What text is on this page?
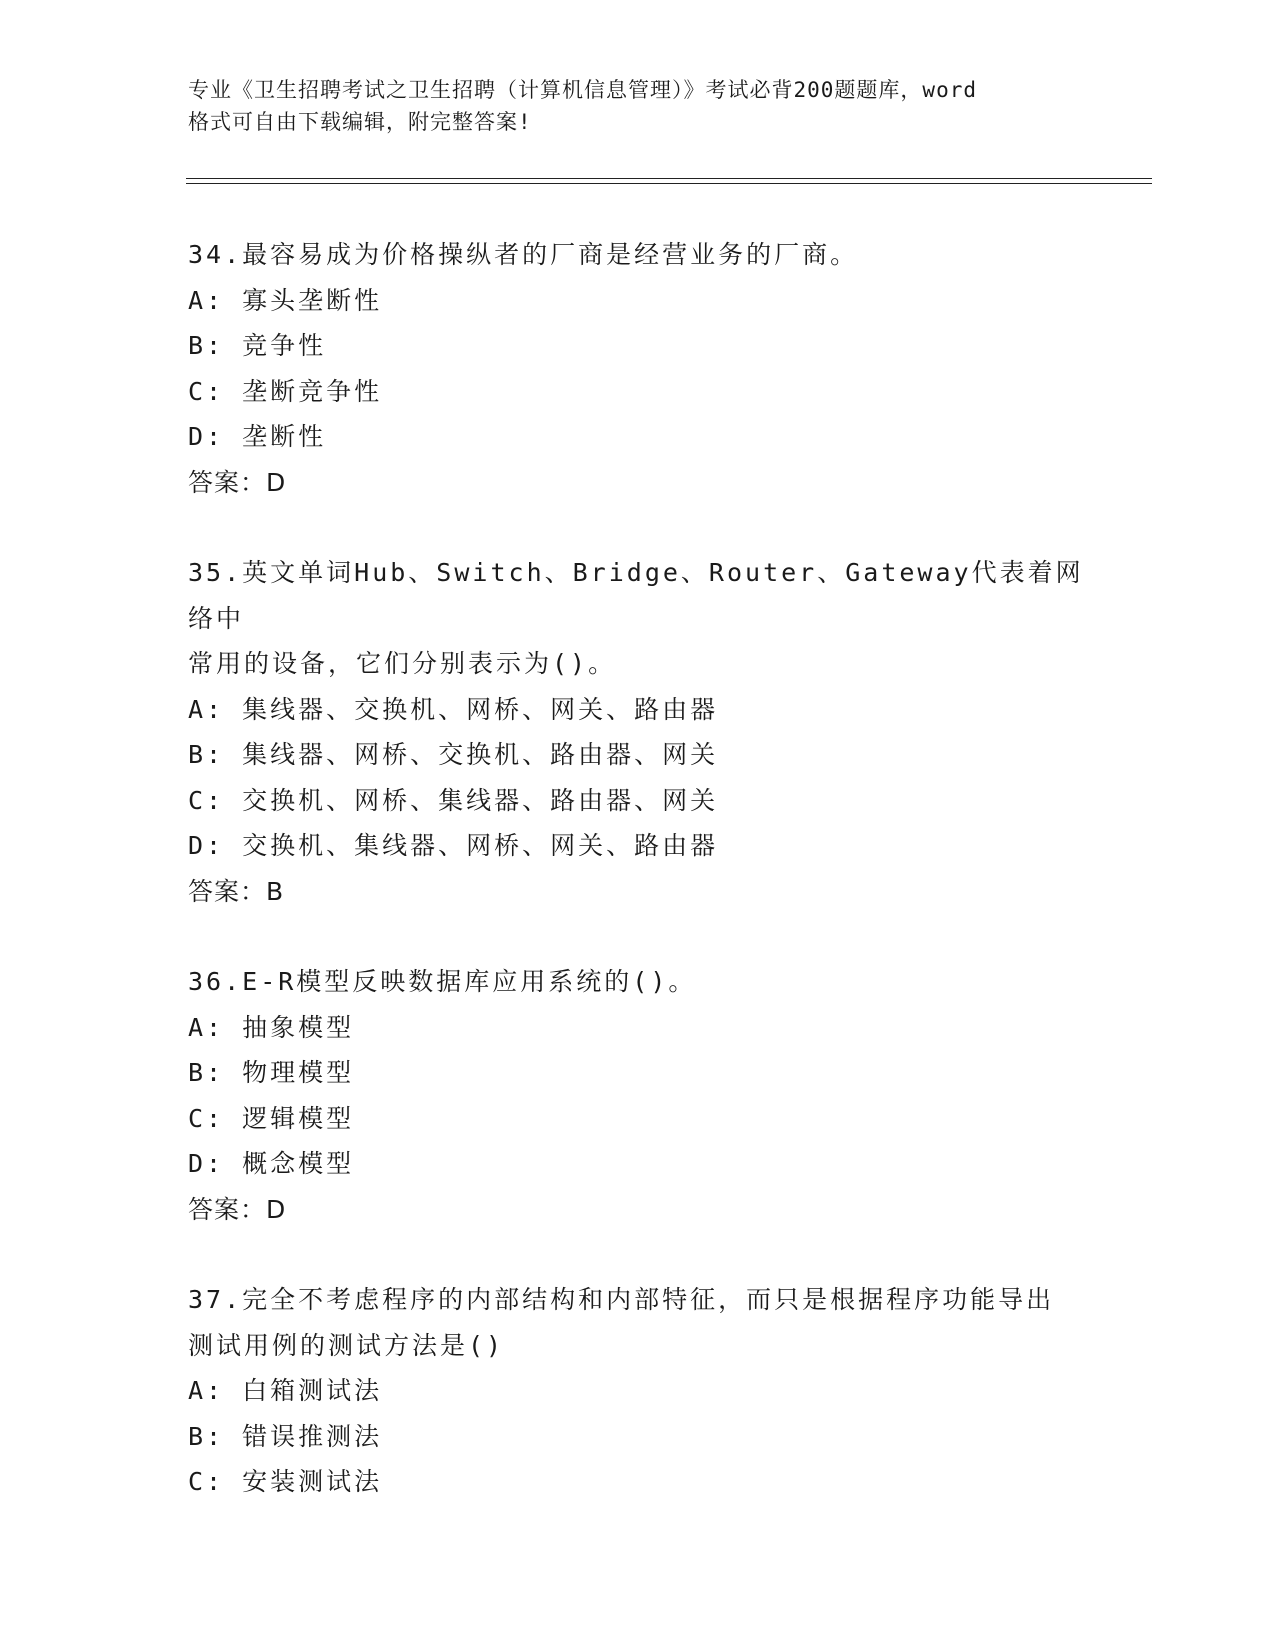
专业《卫生招聘考试之卫生招聘（计算机信息管理）》考试必背200题题库，word
格式可自由下载编辑，附完整答案!
34.最容易成为价格操纵者的厂商是经营业务的厂商。
A: 寡头垄断性
B: 竞争性
C: 垄断竞争性
D: 垄断性
答案：D
35.英文单词Hub、Switch、Bridge、Router、Gateway代表着网络中
常用的设备，它们分别表示为()。
A: 集线器、交换机、网桥、网关、路由器
B: 集线器、网桥、交换机、路由器、网关
C: 交换机、网桥、集线器、路由器、网关
D: 交换机、集线器、网桥、网关、路由器
答案：B
36.E-R模型反映数据库应用系统的()。
A: 抽象模型
B: 物理模型
C: 逻辑模型
D: 概念模型
答案：D
37.完全不考虑程序的内部结构和内部特征，而只是根据程序功能导出
测试用例的测试方法是()
A: 白箱测试法
B: 错误推测法
C: 安装测试法
